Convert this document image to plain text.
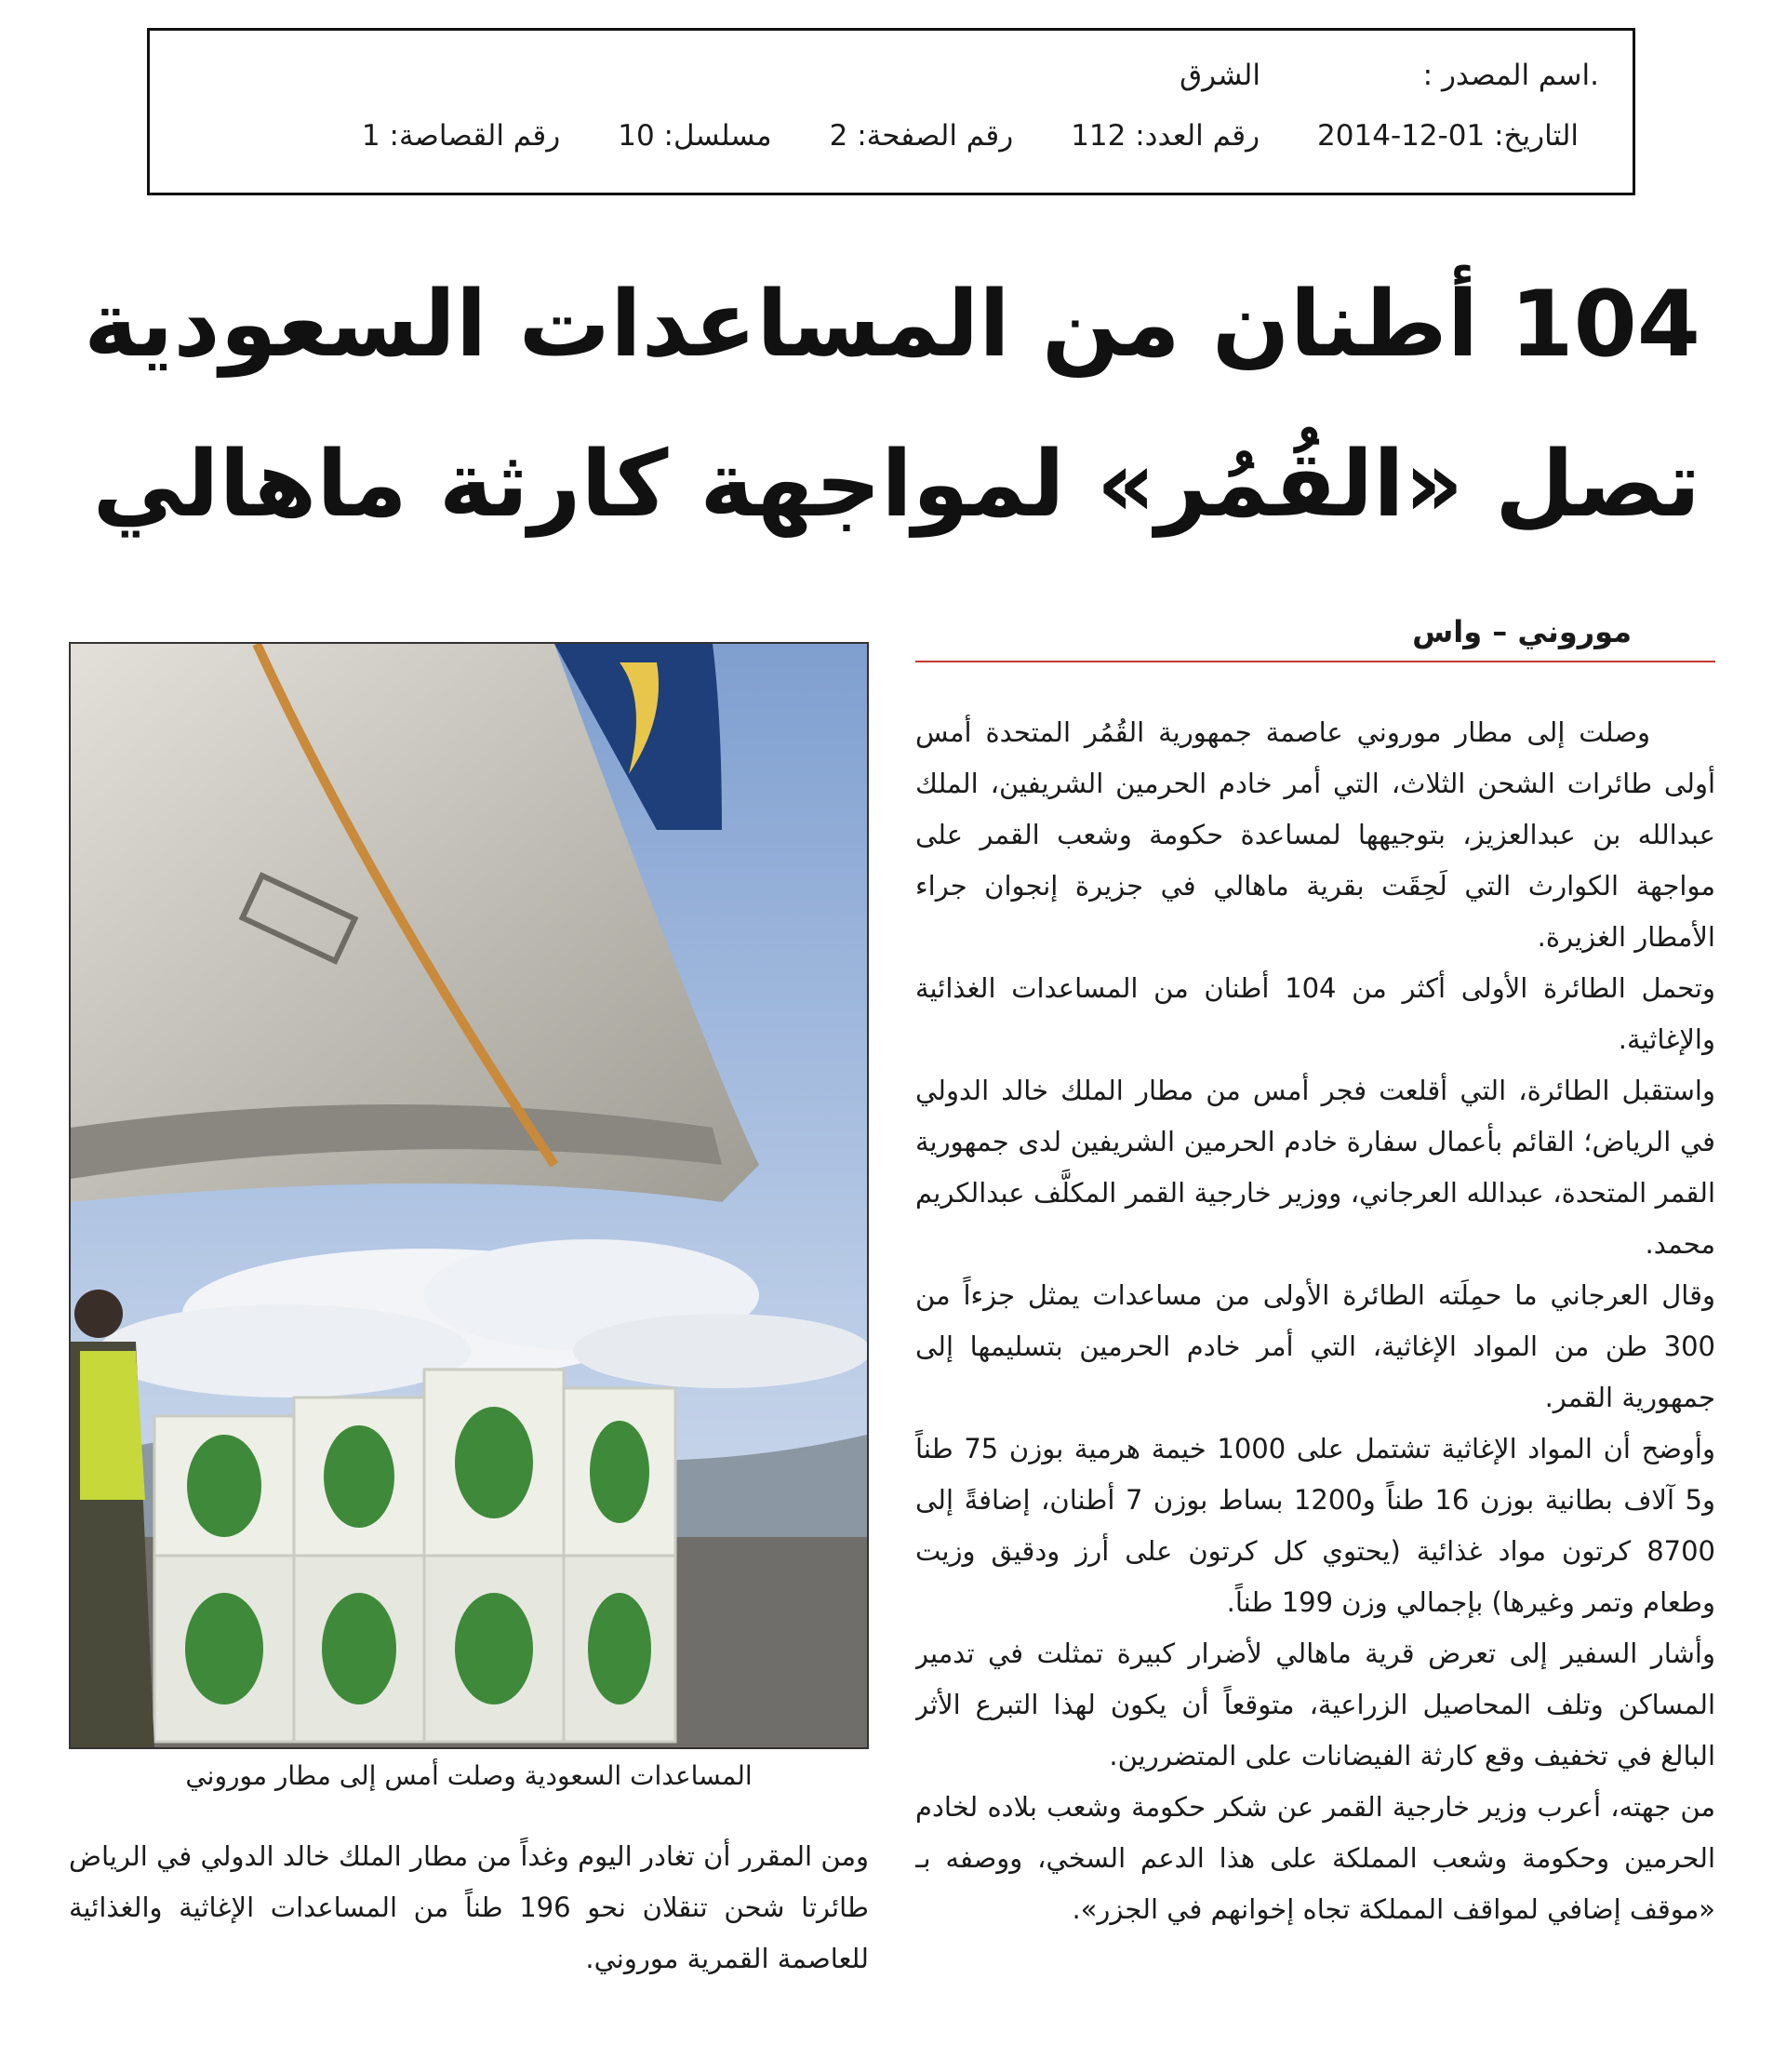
.اسم المصدر :
الشرق
التاريخ: 01-12-2014
رقم العدد: 112
رقم الصفحة: 2
مسلسل: 10
رقم القصاصة: 1
104 أطنان من المساعدات السعودية
تصل «القُمُر» لمواجهة كارثة ماهالي
موروني – واس

وصلت إلى مطار موروني عاصمة جمهورية القُمُر المتحدة أمس أولى طائرات الشحن الثلاث، التي أمر خادم الحرمين الشريفين، الملك عبدالله بن عبدالعزيز، بتوجيهها لمساعدة حكومة وشعب القمر على مواجهة الكوارث التي لَحِقَت بقرية ماهالي في جزيرة إنجوان جراء الأمطار الغزيرة.

وتحمل الطائرة الأولى أكثر من 104 أطنان من المساعدات الغذائية والإغاثية.

واستقبل الطائرة، التي أقلعت فجر أمس من مطار الملك خالد الدولي في الرياض؛ القائم بأعمال سفارة خادم الحرمين الشريفين لدى جمهورية القمر المتحدة، عبدالله العرجاني، ووزير خارجية القمر المكلَّف عبدالكريم محمد.

وقال العرجاني ما حمِلَته الطائرة الأولى من مساعدات يمثل جزءاً من 300 طن من المواد الإغاثية، التي أمر خادم الحرمين بتسليمها إلى جمهورية القمر.

وأوضح أن المواد الإغاثية تشتمل على 1000 خيمة هرمية بوزن 75 طناً و5 آلاف بطانية بوزن 16 طناً و1200 بساط بوزن 7 أطنان، إضافةً إلى 8700 كرتون مواد غذائية (يحتوي كل كرتون على أرز ودقيق وزيت وطعام وتمر وغيرها) بإجمالي وزن 199 طناً.

وأشار السفير إلى تعرض قرية ماهالي لأضرار كبيرة تمثلت في تدمير المساكن وتلف المحاصيل الزراعية، متوقعاً أن يكون لهذا التبرع الأثر البالغ في تخفيف وقع كارثة الفيضانات على المتضررين.

من جهته، أعرب وزير خارجية القمر عن شكر حكومة وشعب بلاده لخادم الحرمين وحكومة وشعب المملكة على هذا الدعم السخي، ووصفه بـ «موقف إضافي لمواقف المملكة تجاه إخوانهم في الجزر».

المساعدات السعودية وصلت أمس إلى مطار موروني

ومن المقرر أن تغادر اليوم وغداً من مطار الملك خالد الدولي في الرياض طائرتا شحن تنقلان نحو 196 طناً من المساعدات الإغاثية والغذائية للعاصمة القمرية موروني.
